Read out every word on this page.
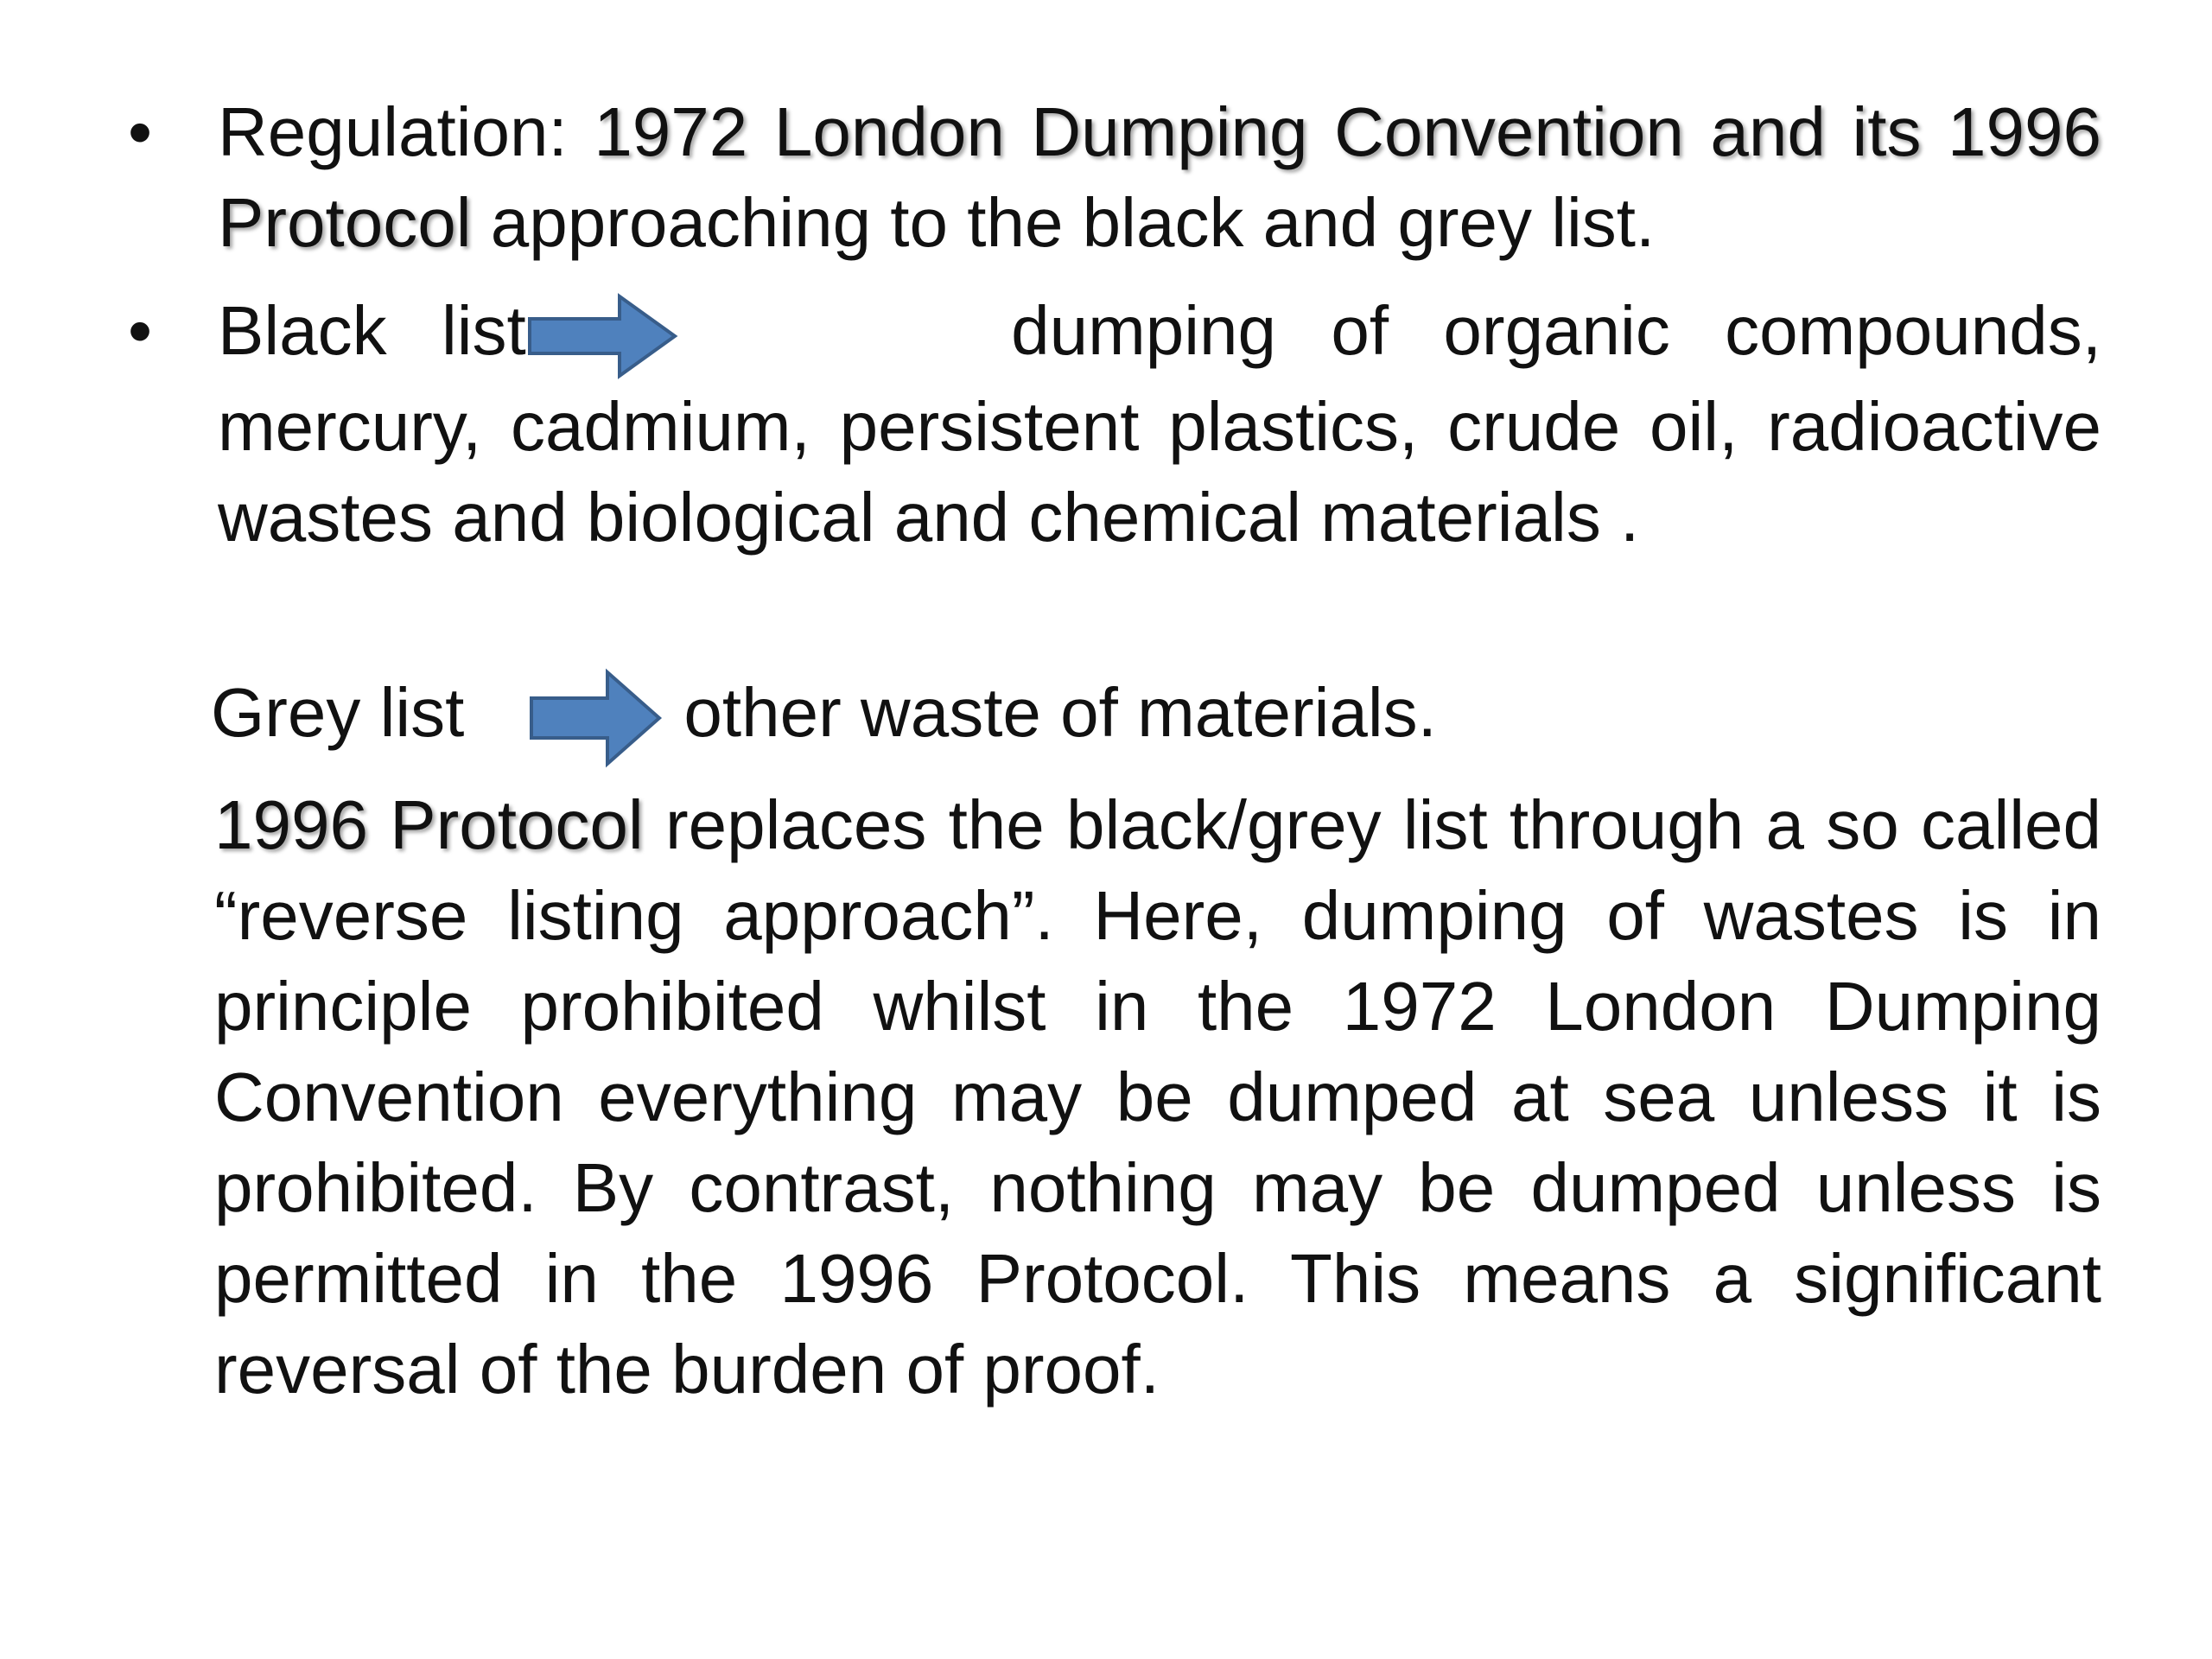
• Regulation: 1972 London Dumping Convention and its 1996 Protocol approaching to the black and grey list.
• Black list	dumping of organic compounds, mercury, cadmium, persistent plastics, crude oil, radioactive wastes and biological and chemical materials .
Grey list	other waste of materials.
1996 Protocol replaces the black/grey list through a so called “reverse listing approach”. Here, dumping of wastes is in principle prohibited whilst in the 1972 London Dumping Convention everything may be dumped at sea unless it is prohibited. By contrast, nothing may be dumped unless is permitted in the 1996 Protocol. This means a significant reversal of the burden of proof.
